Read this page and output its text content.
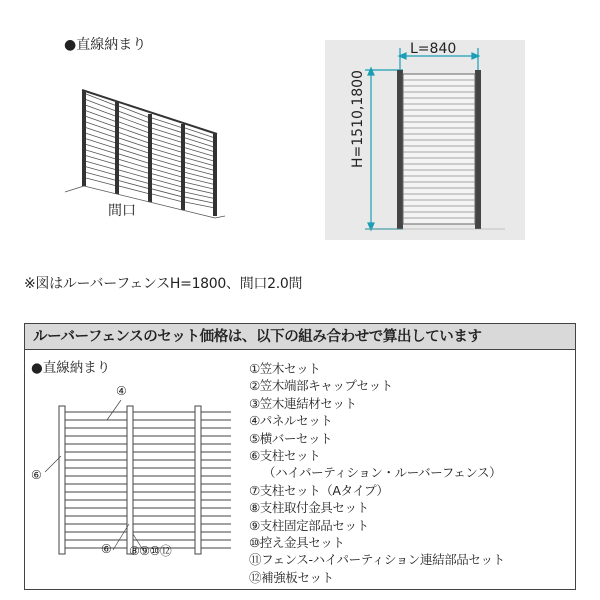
●直線納まり
間口
L=840
H=1510,1800
※図はルーバーフェンスH=1800、間口2.0間
ルーバーフェンスのセット価格は、以下の組み合わせで算出しています
●直線納まり
④
⑥
⑥ ⑧⑨⑩⑫
①笠木セット
②笠木端部キャップセット
③笠木連結材セット
④パネルセット
⑤横バーセット
⑥支柱セット
（ハイパーティション・ルーバーフェンス）
⑦支柱セット（Aタイプ）
⑧支柱取付金具セット
⑨支柱固定部品セット
⑩控え金具セット
⑪フェンス-ハイパーティション連結部品セット
⑫補強板セット
